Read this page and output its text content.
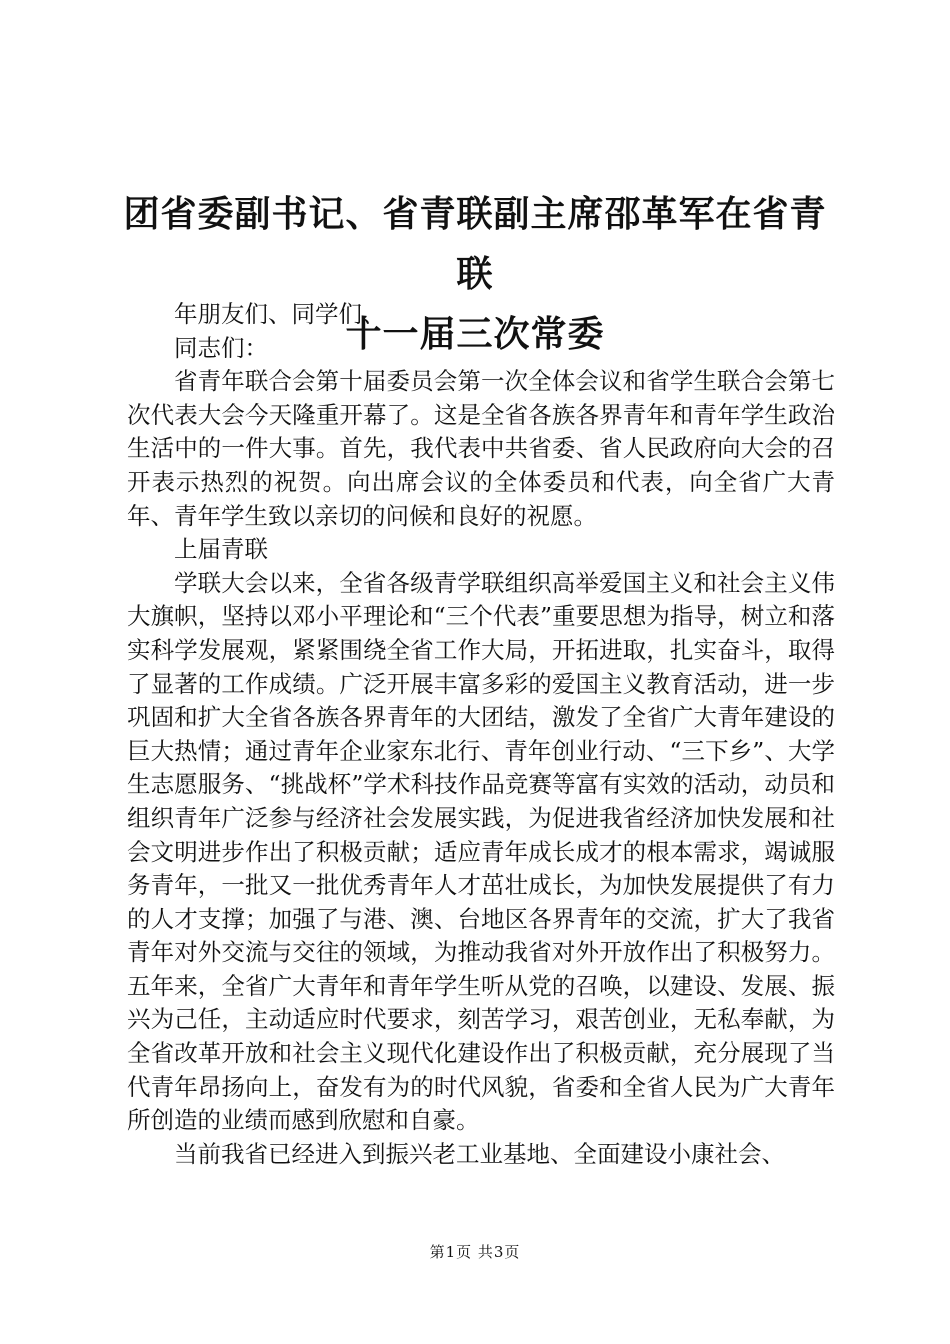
团省委副书记、省青联副主席邵革军在省青联
十一届三次常委

年朋友们、同学们、

同志们：

省青年联合会第十届委员会第一次全体会议和省学生联合会第七次代表大会今天隆重开幕了。这是全省各族各界青年和青年学生政治生活中的一件大事。首先，我代表中共省委、省人民政府向大会的召开表示热烈的祝贺。向出席会议的全体委员和代表，向全省广大青年、青年学生致以亲切的问候和良好的祝愿。

上届青联

学联大会以来，全省各级青学联组织高举爱国主义和社会主义伟大旗帜，坚持以邓小平理论和“三个代表”重要思想为指导，树立和落实科学发展观，紧紧围绕全省工作大局，开拓进取，扎实奋斗，取得了显著的工作成绩。广泛开展丰富多彩的爱国主义教育活动，进一步巩固和扩大全省各族各界青年的大团结，激发了全省广大青年建设的巨大热情；通过青年企业家东北行、青年创业行动、“三下乡”、大学生志愿服务、“挑战杯”学术科技作品竞赛等富有实效的活动，动员和组织青年广泛参与经济社会发展实践，为促进我省经济加快发展和社会文明进步作出了积极贡献；适应青年成长成才的根本需求，竭诚服务青年，一批又一批优秀青年人才茁壮成长，为加快发展提供了有力的人才支撑；加强了与港、澳、台地区各界青年的交流，扩大了我省青年对外交流与交往的领域，为推动我省对外开放作出了积极努力。五年来，全省广大青年和青年学生听从党的召唤，以建设、发展、振兴为己任，主动适应时代要求，刻苦学习，艰苦创业，无私奉献，为全省改革开放和社会主义现代化建设作出了积极贡献，充分展现了当代青年昂扬向上，奋发有为的时代风貌，省委和全省人民为广大青年所创造的业绩而感到欣慰和自豪。

当前我省已经进入到振兴老工业基地、全面建设小康社会、

第1页 共3页
